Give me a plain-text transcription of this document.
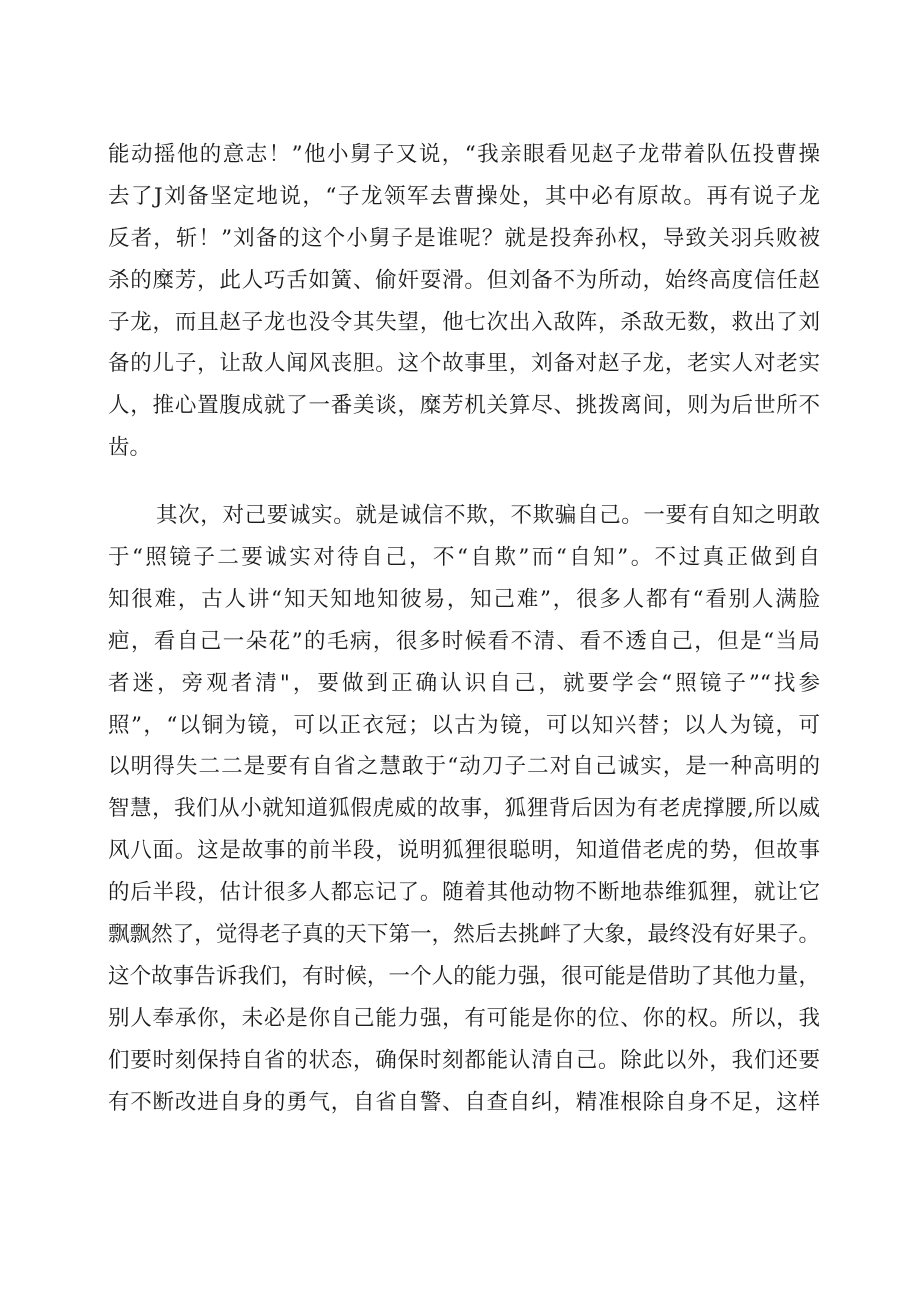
能动摇他的意志！”他小舅子又说，“我亲眼看见赵子龙带着队伍投曹操
去了J刘备坚定地说，“子龙领军去曹操处，其中必有原故。再有说子龙
反者，斩！”刘备的这个小舅子是谁呢？就是投奔孙权，导致关羽兵败被
杀的糜芳，此人巧舌如簧、偷奸耍滑。但刘备不为所动，始终高度信任赵
子龙，而且赵子龙也没令其失望，他七次出入敌阵，杀敌无数，救出了刘
备的儿子，让敌人闻风丧胆。这个故事里，刘备对赵子龙，老实人对老实
人，推心置腹成就了一番美谈，糜芳机关算尽、挑拨离间，则为后世所不
齿。
其次，对己要诚实。就是诚信不欺，不欺骗自己。一要有自知之明敢
于“照镜子二要诚实对待自己，不“自欺”而“自知”。不过真正做到自
知很难，古人讲“知天知地知彼易，知己难”，很多人都有“看别人满脸
疤，看自己一朵花”的毛病，很多时候看不清、看不透自己，但是“当局
者迷，旁观者清"，要做到正确认识自己，就要学会“照镜子”“找参
照”，“以铜为镜，可以正衣冠；以古为镜，可以知兴替；以人为镜，可
以明得失二二是要有自省之慧敢于“动刀子二对自己诚实，是一种高明的
智慧，我们从小就知道狐假虎威的故事，狐狸背后因为有老虎撑腰,所以威
风八面。这是故事的前半段，说明狐狸很聪明，知道借老虎的势，但故事
的后半段，估计很多人都忘记了。随着其他动物不断地恭维狐狸，就让它
飘飘然了，觉得老子真的天下第一，然后去挑衅了大象，最终没有好果子。
这个故事告诉我们，有时候，一个人的能力强，很可能是借助了其他力量，
别人奉承你，未必是你自己能力强，有可能是你的位、你的权。所以，我
们要时刻保持自省的状态，确保时刻都能认清自己。除此以外，我们还要
有不断改进自身的勇气，自省自警、自查自纠，精准根除自身不足，这样
